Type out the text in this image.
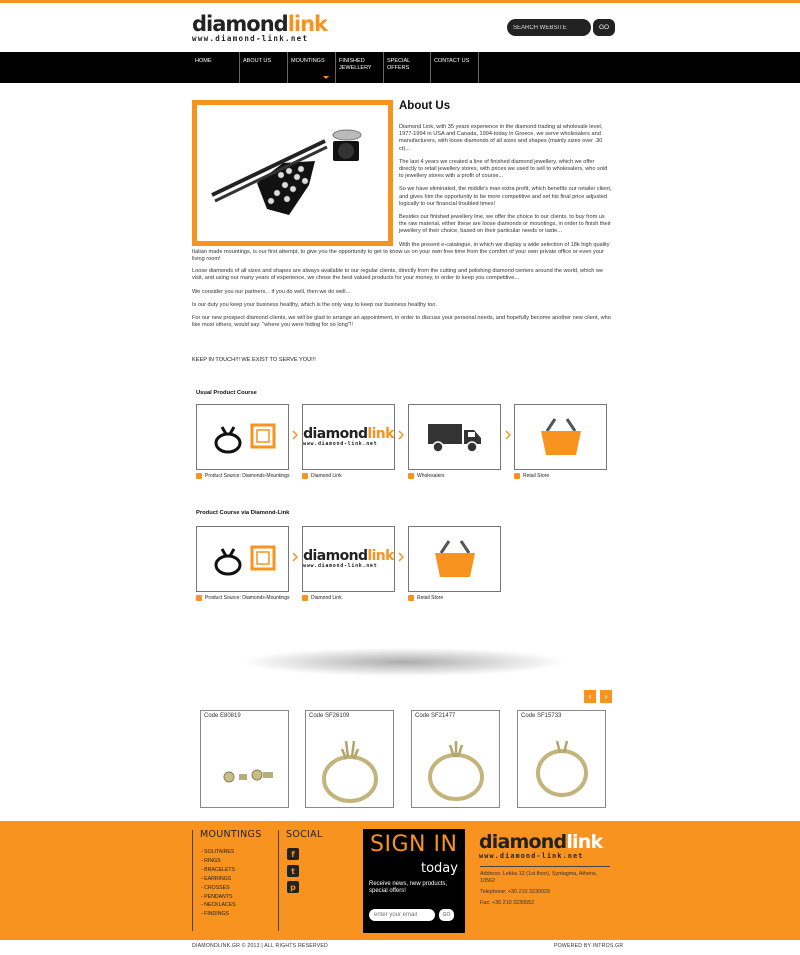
diamondlink
www.diamond-link.net
SEARCH WEBSITE
GO
HOME	ABOUT US	MOUNTINGS	FINISHED JEWELLERY
SPECIAL OFFERS
CONTACT US
About Us

Diamond Link, with 35 years experience in the diamond trading at wholesale level, 1977-1994 in USA and Canada, 1994-today in Greece, we serve wholesalers and manufacturers, with loose diamonds of all sizes and shapes (mainly sizes over .30 ct)...

The last 4 years we created a line of finished diamond jewellery, which we offer directly to retail jewellery stores, with prices we used to sell to wholesalers, who sold to jewellery stores with a profit of course...

So we have eliminated, the middle's man extra profit, which benefits our retailer client, and gives him the opportunity to be more competitive and set his final price adjusted logically to our financial troubled times!

Besides our finished jewellery line, we offer the choice to our clients, to buy from us the raw material, either these are loose diamonds or mountings, in order to finish their jewellery of their choice, based on their particular needs or taste...

With the present e-catalogue, in which we display a wide selection of 18k high quality Italian made mountings, is our first attempt, to give you the opportunity to get to know us on your own free time from the comfort of your own private office or even your living room!

Loose diamonds of all sizes and shapes are always available to our regular clients, directly from the cutting and polishing diamond centers around the world, which we visit, and using our many years of experience, we chose the best valued products for your money, in order to keep you competitive...

We consider you our partners... if you do well, then we do well...

Is our duty you keep your business healthy, which is the only way to keep our business healthy too.

For our new prospect diamond clients, we will be glad to arrange an appointment, in order to discuss your personal needs, and hopefully become another new client, who like most others, would say: "where you were hiding for so long"!!

KEEP IN TOUCH!!! WE EXIST TO SERVE YOU!!!
Usual Product Course
diamondlink
www.diamond-link.net
Product Source: Diamonds-Mountings	Diamond Link	Wholesalers	Retail Store
Product Course via Diamond-Link
diamondlink
www.diamond-link.net
Product Source: Diamonds-Mountings	Diamond Link	Retail Store
‹	›
Code E80819	Code SF26109	Code SF21477	Code SF15733
MOUNTINGS
- SOLITAIRES
- RINGS
- BRACELETS
- EARRINGS
- CROSSES
- PENDANTS
- NECKLACES
- FINDINGS
SOCIAL
f
t
p
SIGN IN
today
Receive news, new products, special offers!
enter your email
GO
diamondlink
www.diamond-link.net
Address: Lekka 12 (1st floor), Syntagma, Athens, 10562
Telephone: +30 210 3230029
Fax: +30 210 3230552
DIAMONDLINK.GR © 2013 | ALL RIGHTS RESERVED	POWERED BY INTROS.GR
